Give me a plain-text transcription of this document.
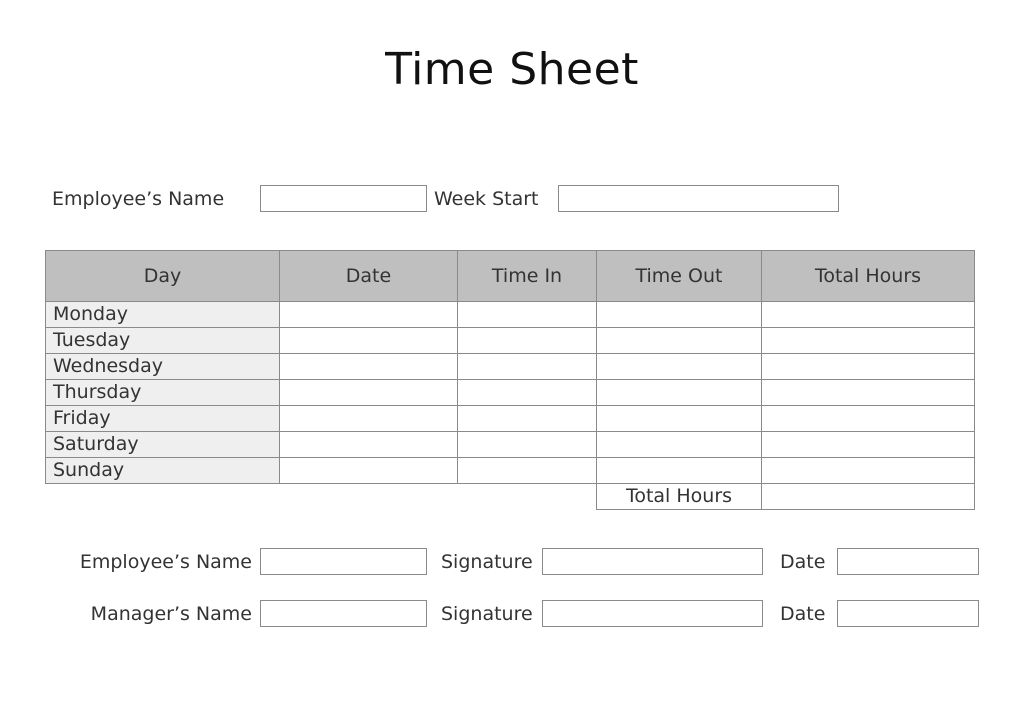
Time Sheet
Employee’s Name	Week Start
Day	Date	Time In	Time Out	Total Hours
Monday				
Tuesday				
Wednesday				
Thursday				
Friday				
Saturday				
Sunday				
			Total Hours	
Employee’s Name	Signature	Date
Manager’s Name	Signature	Date
